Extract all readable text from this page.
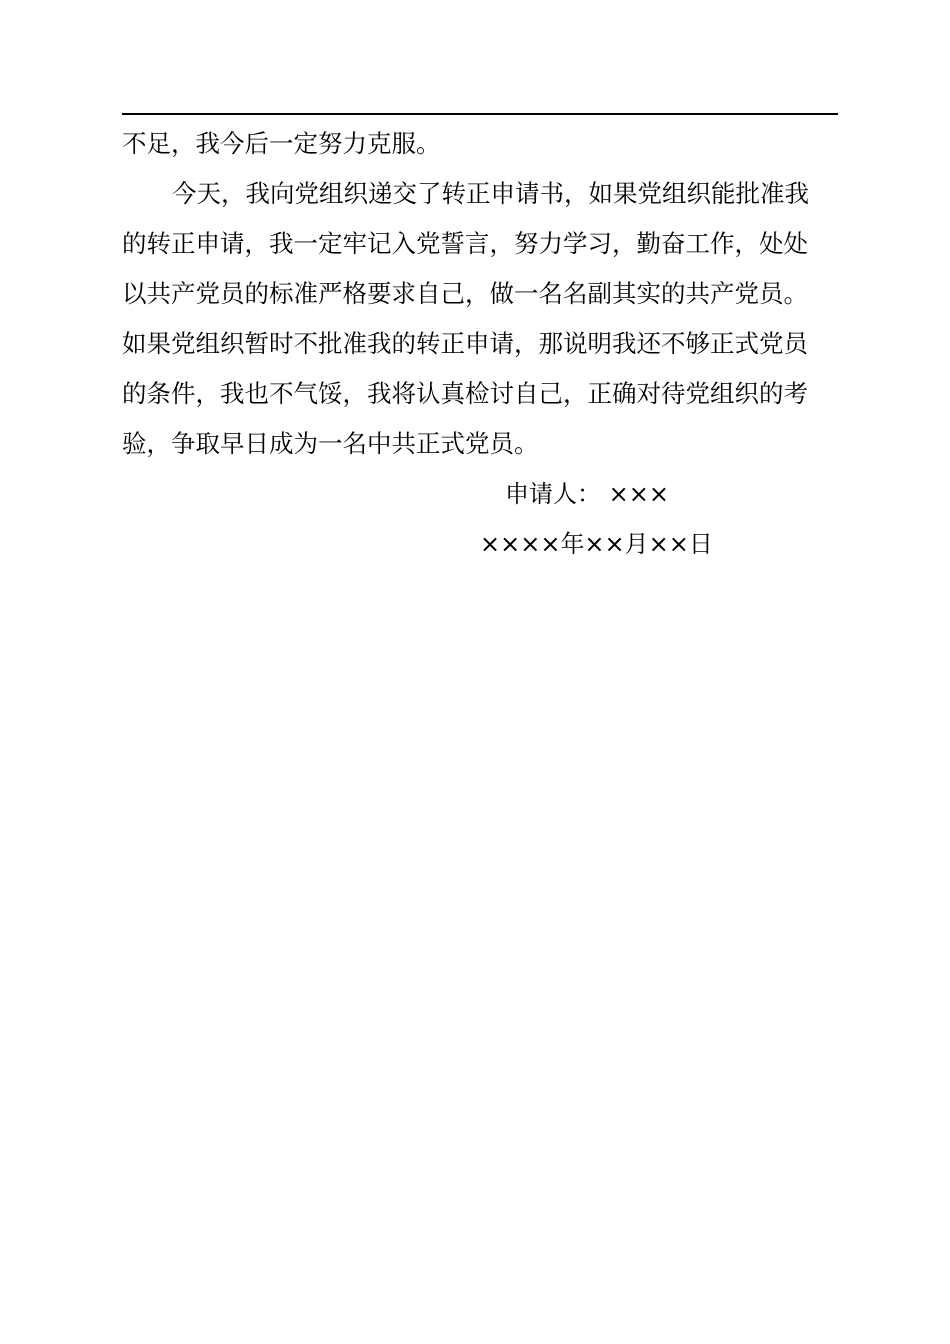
不足，我今后一定努力克服。
今天，我向党组织递交了转正申请书，如果党组织能批准我
的转正申请，我一定牢记入党誓言，努力学习，勤奋工作，处处
以共产党员的标准严格要求自己，做一名名副其实的共产党员。
如果党组织暂时不批准我的转正申请，那说明我还不够正式党员
的条件，我也不气馁，我将认真检讨自己，正确对待党组织的考
验，争取早日成为一名中共正式党员。
申请人： ×××
××××年××月××日
